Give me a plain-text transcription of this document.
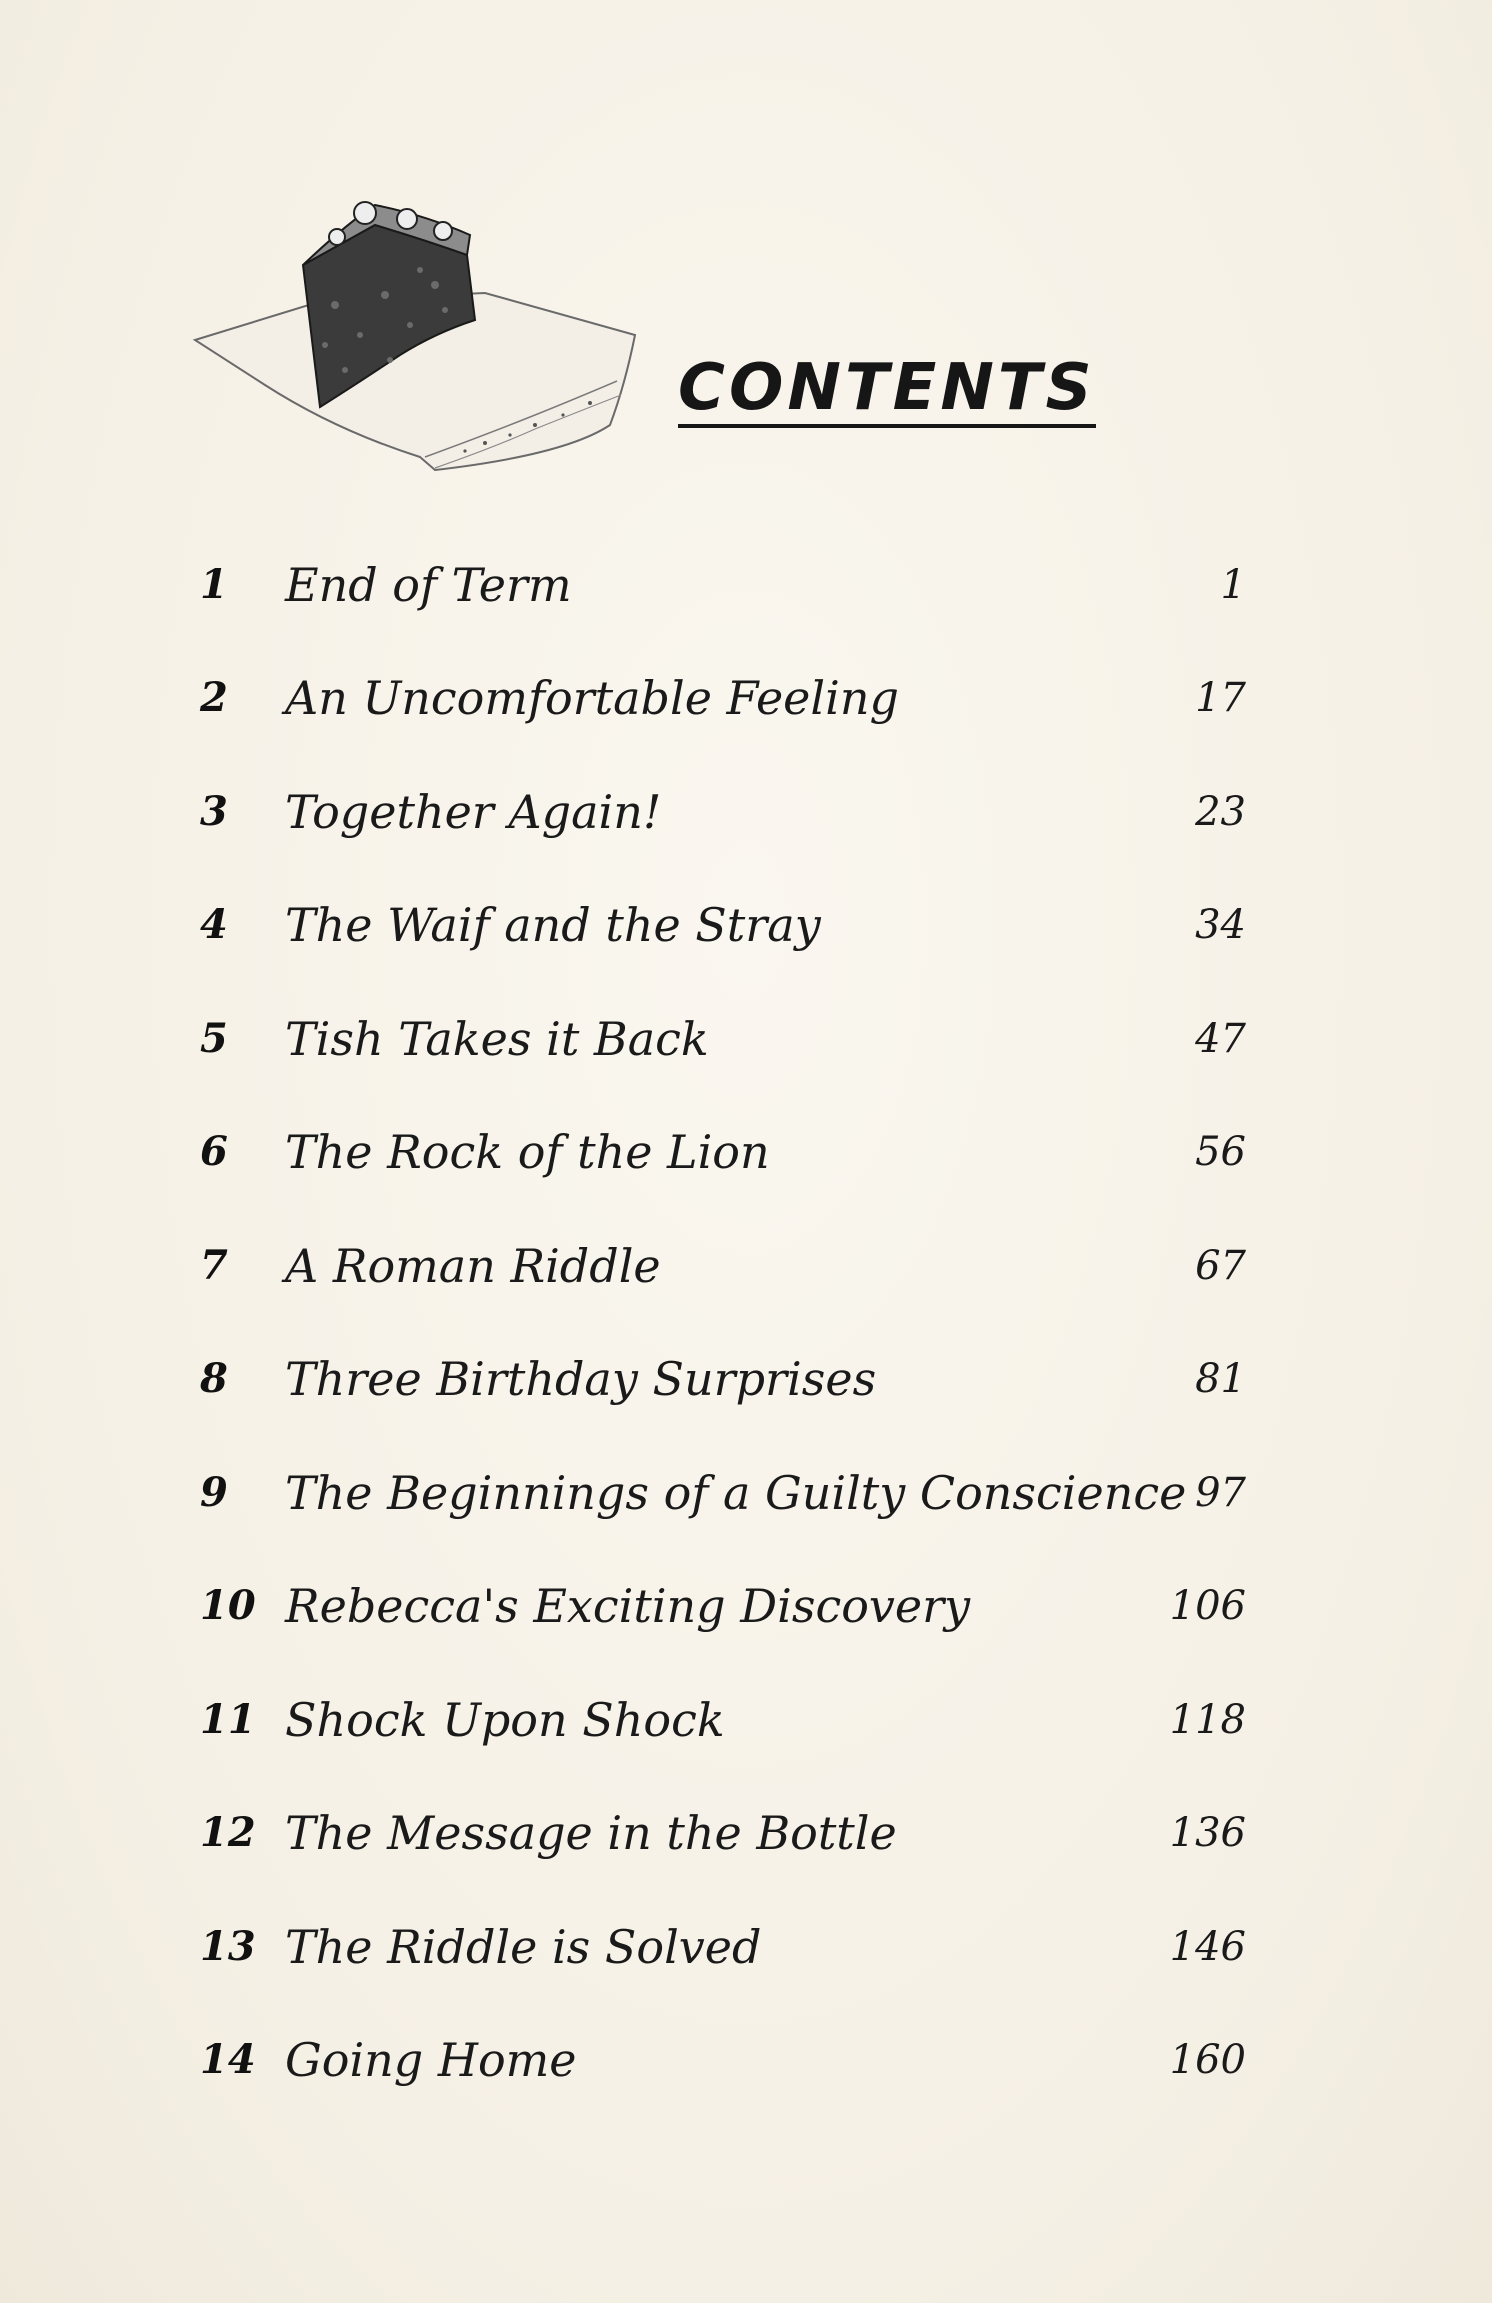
CONTENTS
1	End of Term	1
2	An Uncomfortable Feeling	17
3	Together Again!	23
4	The Waif and the Stray	34
5	Tish Takes it Back	47
6	The Rock of the Lion	56
7	A Roman Riddle	67
8	Three Birthday Surprises	81
9	The Beginnings of a Guilty Conscience 97
10 Rebecca's Exciting Discovery	106
11 Shock Upon Shock	118
12 The Message in the Bottle	136
13 The Riddle is Solved	146
14 Going Home	160
